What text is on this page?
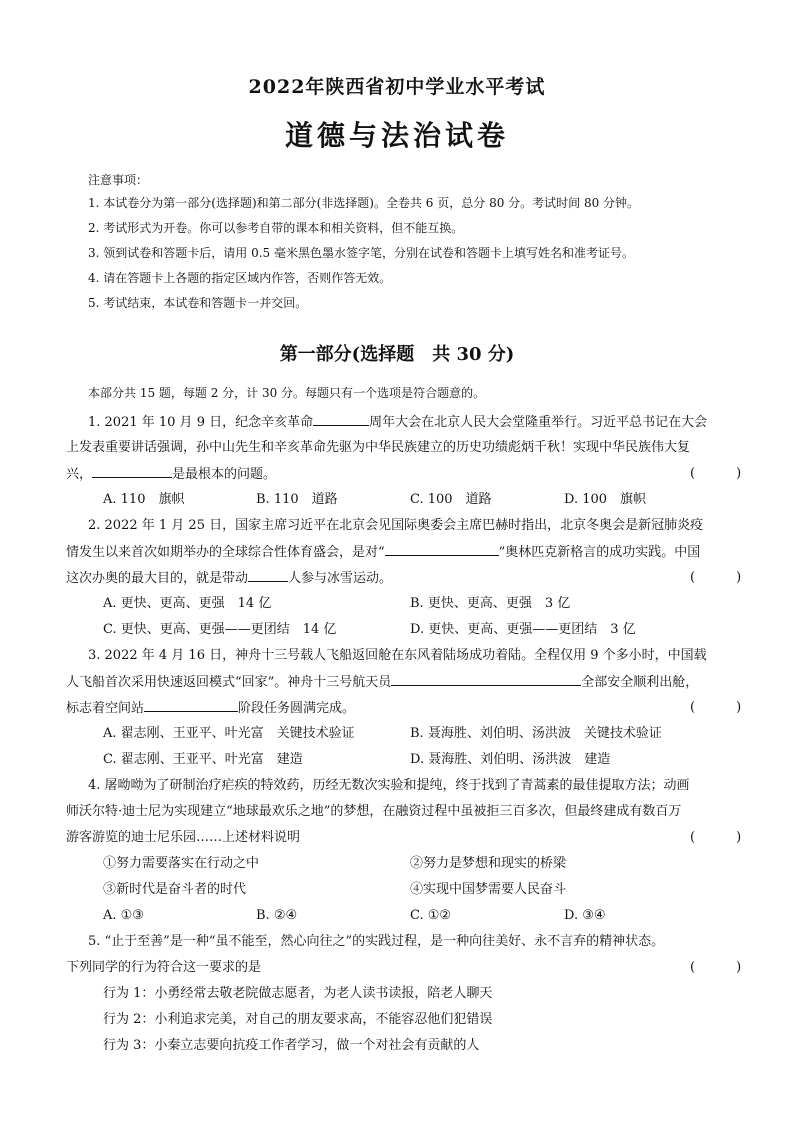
2022年陕西省初中学业水平考试
道德与法治试卷
注意事项：
1. 本试卷分为第一部分(选择题)和第二部分(非选择题)。全卷共 6 页，总分 80 分。考试时间 80 分钟。
2. 考试形式为开卷。你可以参考自带的课本和相关资料，但不能互换。
3. 领到试卷和答题卡后，请用 0.5 毫米黑色墨水签字笔，分别在试卷和答题卡上填写姓名和准考证号。
4. 请在答题卡上各题的指定区域内作答，否则作答无效。
5. 考试结束，本试卷和答题卡一并交回。
第一部分(选择题　共 30 分)
本部分共 15 题，每题 2 分，计 30 分。每题只有一个选项是符合题意的。
1. 2021 年 10 月 9 日，纪念辛亥革命	周年大会在北京人民大会堂隆重举行。习近平总书记在大会
上发表重要讲话强调，孙中山先生和辛亥革命先驱为中华民族建立的历史功绩彪炳千秋！实现中华民族伟大复
兴，	是最根本的问题。	(　)
A. 110　旗帜	B. 110　道路	C. 100　道路	D. 100　旗帜
2. 2022 年 1 月 25 日，国家主席习近平在北京会见国际奥委会主席巴赫时指出，北京冬奥会是新冠肺炎疫
情发生以来首次如期举办的全球综合性体育盛会，是对“	”奥林匹克新格言的成功实践。中国
这次办奥的最大目的，就是带动	人参与冰雪运动。	(　)
A. 更快、更高、更强　14 亿	B. 更快、更高、更强　3 亿
C. 更快、更高、更强——更团结　14 亿	D. 更快、更高、更强——更团结　3 亿
3. 2022 年 4 月 16 日，神舟十三号载人飞船返回舱在东风着陆场成功着陆。全程仅用 9 个多小时，中国载
人飞船首次采用快速返回模式“回家”。神舟十三号航天员	全部安全顺利出舱，
标志着空间站	阶段任务圆满完成。	(　)
A. 翟志刚、王亚平、叶光富　关键技术验证	B. 聂海胜、刘伯明、汤洪波　关键技术验证
C. 翟志刚、王亚平、叶光富　建造	D. 聂海胜、刘伯明、汤洪波　建造
4. 屠呦呦为了研制治疗疟疾的特效药，历经无数次实验和提纯，终于找到了青蒿素的最佳提取方法；动画
师沃尔特·迪士尼为实现建立“地球最欢乐之地”的梦想，在融资过程中虽被拒三百多次，但最终建成有数百万
游客游览的迪士尼乐园……上述材料说明	(　)
①努力需要落实在行动之中	②努力是梦想和现实的桥梁
③新时代是奋斗者的时代	④实现中国梦需要人民奋斗
A. ①③	B. ②④	C. ①②	D. ③④
5. “止于至善”是一种“虽不能至，然心向往之”的实践过程，是一种向往美好、永不言弃的精神状态。
下列同学的行为符合这一要求的是	(　)
行为 1：小勇经常去敬老院做志愿者，为老人读书读报，陪老人聊天
行为 2：小利追求完美，对自己的朋友要求高，不能容忍他们犯错误
行为 3：小秦立志要向抗疫工作者学习，做一个对社会有贡献的人
